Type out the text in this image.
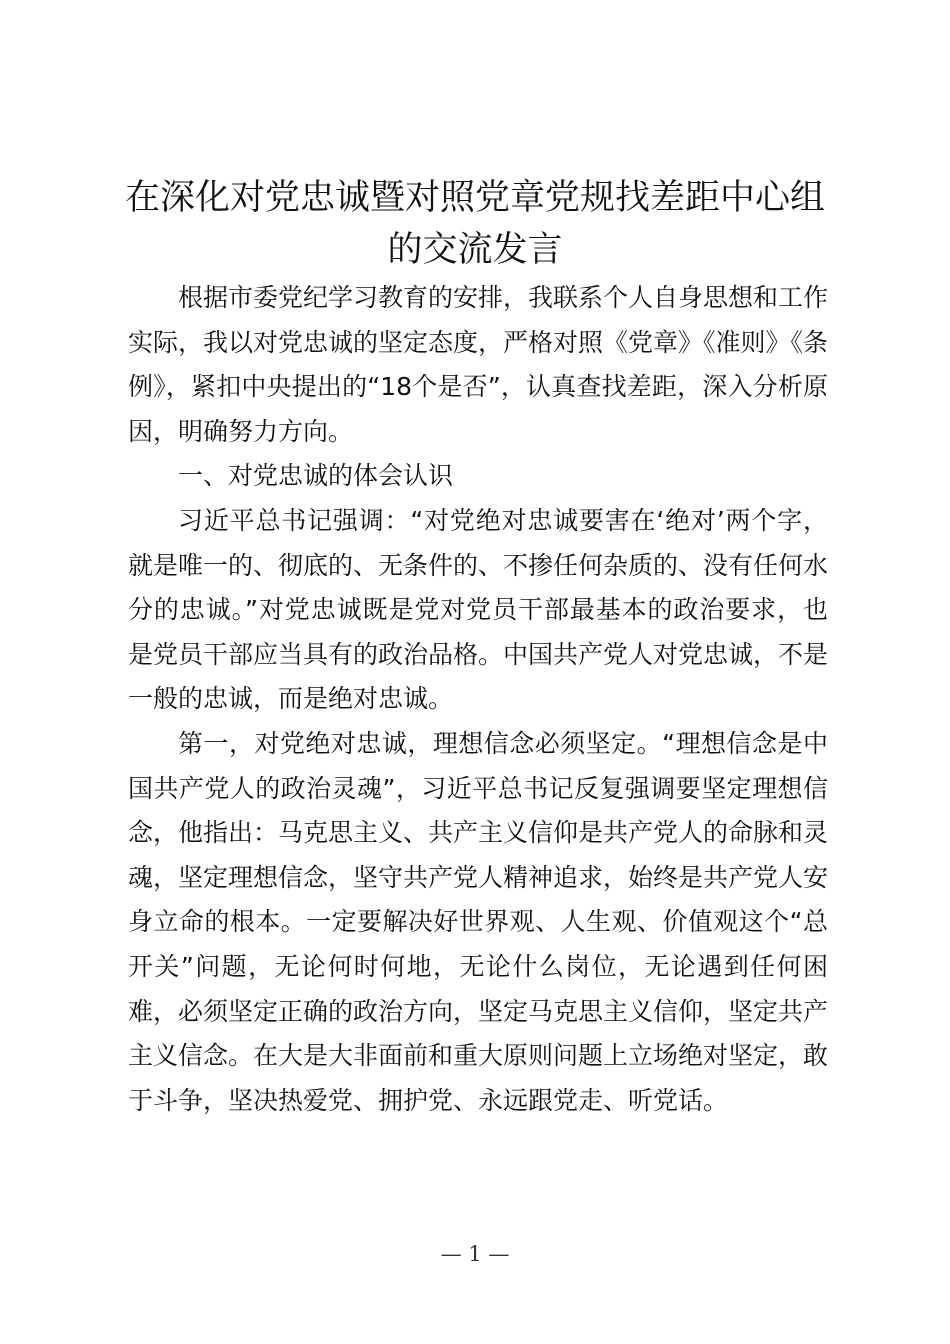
在深化对党忠诚暨对照党章党规找差距中心组
的交流发言

根据市委党纪学习教育的安排，我联系个人自身思想和工作实际，我以对党忠诚的坚定态度，严格对照《党章》《准则》《条例》，紧扣中央提出的“18个是否”，认真查找差距，深入分析原因，明确努力方向。

一、对党忠诚的体会认识

习近平总书记强调：“对党绝对忠诚要害在‘绝对’两个字，就是唯一的、彻底的、无条件的、不掺任何杂质的、没有任何水分的忠诚。”对党忠诚既是党对党员干部最基本的政治要求，也是党员干部应当具有的政治品格。中国共产党人对党忠诚，不是一般的忠诚，而是绝对忠诚。

第一，对党绝对忠诚，理想信念必须坚定。“理想信念是中国共产党人的政治灵魂”，习近平总书记反复强调要坚定理想信念，他指出：马克思主义、共产主义信仰是共产党人的命脉和灵魂，坚定理想信念，坚守共产党人精神追求，始终是共产党人安身立命的根本。一定要解决好世界观、人生观、价值观这个“总开关”问题，无论何时何地，无论什么岗位，无论遇到任何困难，必须坚定正确的政治方向，坚定马克思主义信仰，坚定共产主义信念。在大是大非面前和重大原则问题上立场绝对坚定，敢于斗争，坚决热爱党、拥护党、永远跟党走、听党话。

— 1 —
